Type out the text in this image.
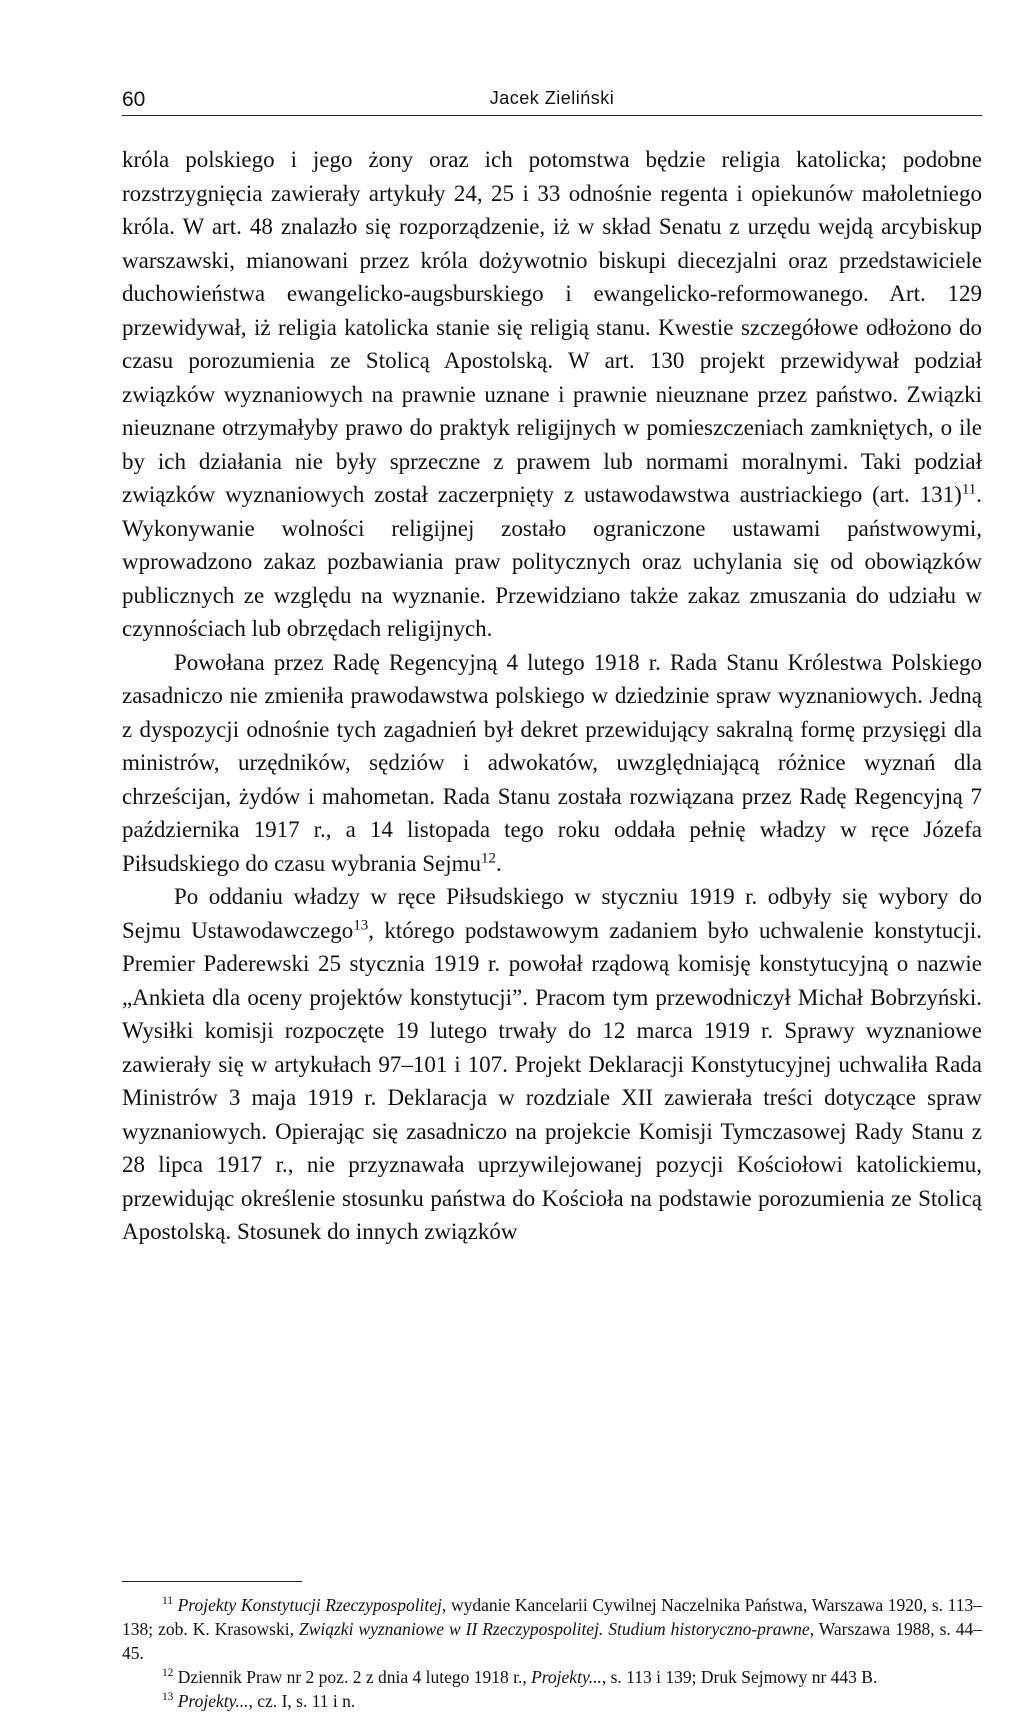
60	Jacek Zieliński

króla polskiego i jego żony oraz ich potomstwa będzie religia katolicka; podobne rozstrzygnięcia zawierały artykuły 24, 25 i 33 odnośnie regenta i opiekunów małoletniego króla. W art. 48 znalazło się rozporządzenie, iż w skład Senatu z urzędu wejdą arcybiskup warszawski, mianowani przez króla dożywotnio biskupi diecezjalni oraz przedstawiciele duchowieństwa ewangelicko-augsburskiego i ewangelicko-reformowanego. Art. 129 przewidywał, iż religia katolicka stanie się religią stanu. Kwestie szczegółowe odłożono do czasu porozumienia ze Stolicą Apostolską. W art. 130 projekt przewidywał podział związków wyznaniowych na prawnie uznane i prawnie nieuznane przez państwo. Związki nieuznane otrzymałyby prawo do praktyk religijnych w pomieszczeniach zamkniętych, o ile by ich działania nie były sprzeczne z prawem lub normami moralnymi. Taki podział związków wyznaniowych został zaczerpnięty z ustawodawstwa austriackiego (art. 131)$^{11}$. Wykonywanie wolności religijnej zostało ograniczone ustawami państwowymi, wprowadzono zakaz pozbawiania praw politycznych oraz uchylania się od obowiązków publicznych ze względu na wyznanie. Przewidziano także zakaz zmuszania do udziału w czynnościach lub obrzędach religijnych.

Powołana przez Radę Regencyjną 4 lutego 1918 r. Rada Stanu Królestwa Polskiego zasadniczo nie zmieniła prawodawstwa polskiego w dziedzinie spraw wyznaniowych. Jedną z dyspozycji odnośnie tych zagadnień był dekret przewidujący sakralną formę przysięgi dla ministrów, urzędników, sędziów i adwokatów, uwzględniającą różnice wyznań dla chrześcijan, żydów i mahometan. Rada Stanu została rozwiązana przez Radę Regencyjną 7 października 1917 r., a 14 listopada tego roku oddała pełnię władzy w ręce Józefa Piłsudskiego do czasu wybrania Sejmu$^{12}$.

Po oddaniu władzy w ręce Piłsudskiego w styczniu 1919 r. odbyły się wybory do Sejmu Ustawodawczego$^{13}$, którego podstawowym zadaniem było uchwalenie konstytucji. Premier Paderewski 25 stycznia 1919 r. powołał rządową komisję konstytucyjną o nazwie „Ankieta dla oceny projektów konstytucji”. Pracom tym przewodniczył Michał Bobrzyński. Wysiłki komisji rozpoczęte 19 lutego trwały do 12 marca 1919 r. Sprawy wyznaniowe zawierały się w artykułach 97–101 i 107. Projekt Deklaracji Konstytucyjnej uchwaliła Rada Ministrów 3 maja 1919 r. Deklaracja w rozdziale XII zawierała treści dotyczące spraw wyznaniowych. Opierając się zasadniczo na projekcie Komisji Tymczasowej Rady Stanu z 28 lipca 1917 r., nie przyznawała uprzywilejowanej pozycji Kościołowi katolickiemu, przewidując określenie stosunku państwa do Kościoła na podstawie porozumienia ze Stolicą Apostolską. Stosunek do innych związków

$^{11}$ Projekty Konstytucji Rzeczypospolitej, wydanie Kancelarii Cywilnej Naczelnika Państwa, Warszawa 1920, s. 113–138; zob. K. Krasowski, Związki wyznaniowe w II Rzeczypospolitej. Studium historyczno-prawne, Warszawa 1988, s. 44–45.

$^{12}$ Dziennik Praw nr 2 poz. 2 z dnia 4 lutego 1918 r., Projekty..., s. 113 i 139; Druk Sejmowy nr 443 B.

$^{13}$ Projekty..., cz. I, s. 11 i n.
